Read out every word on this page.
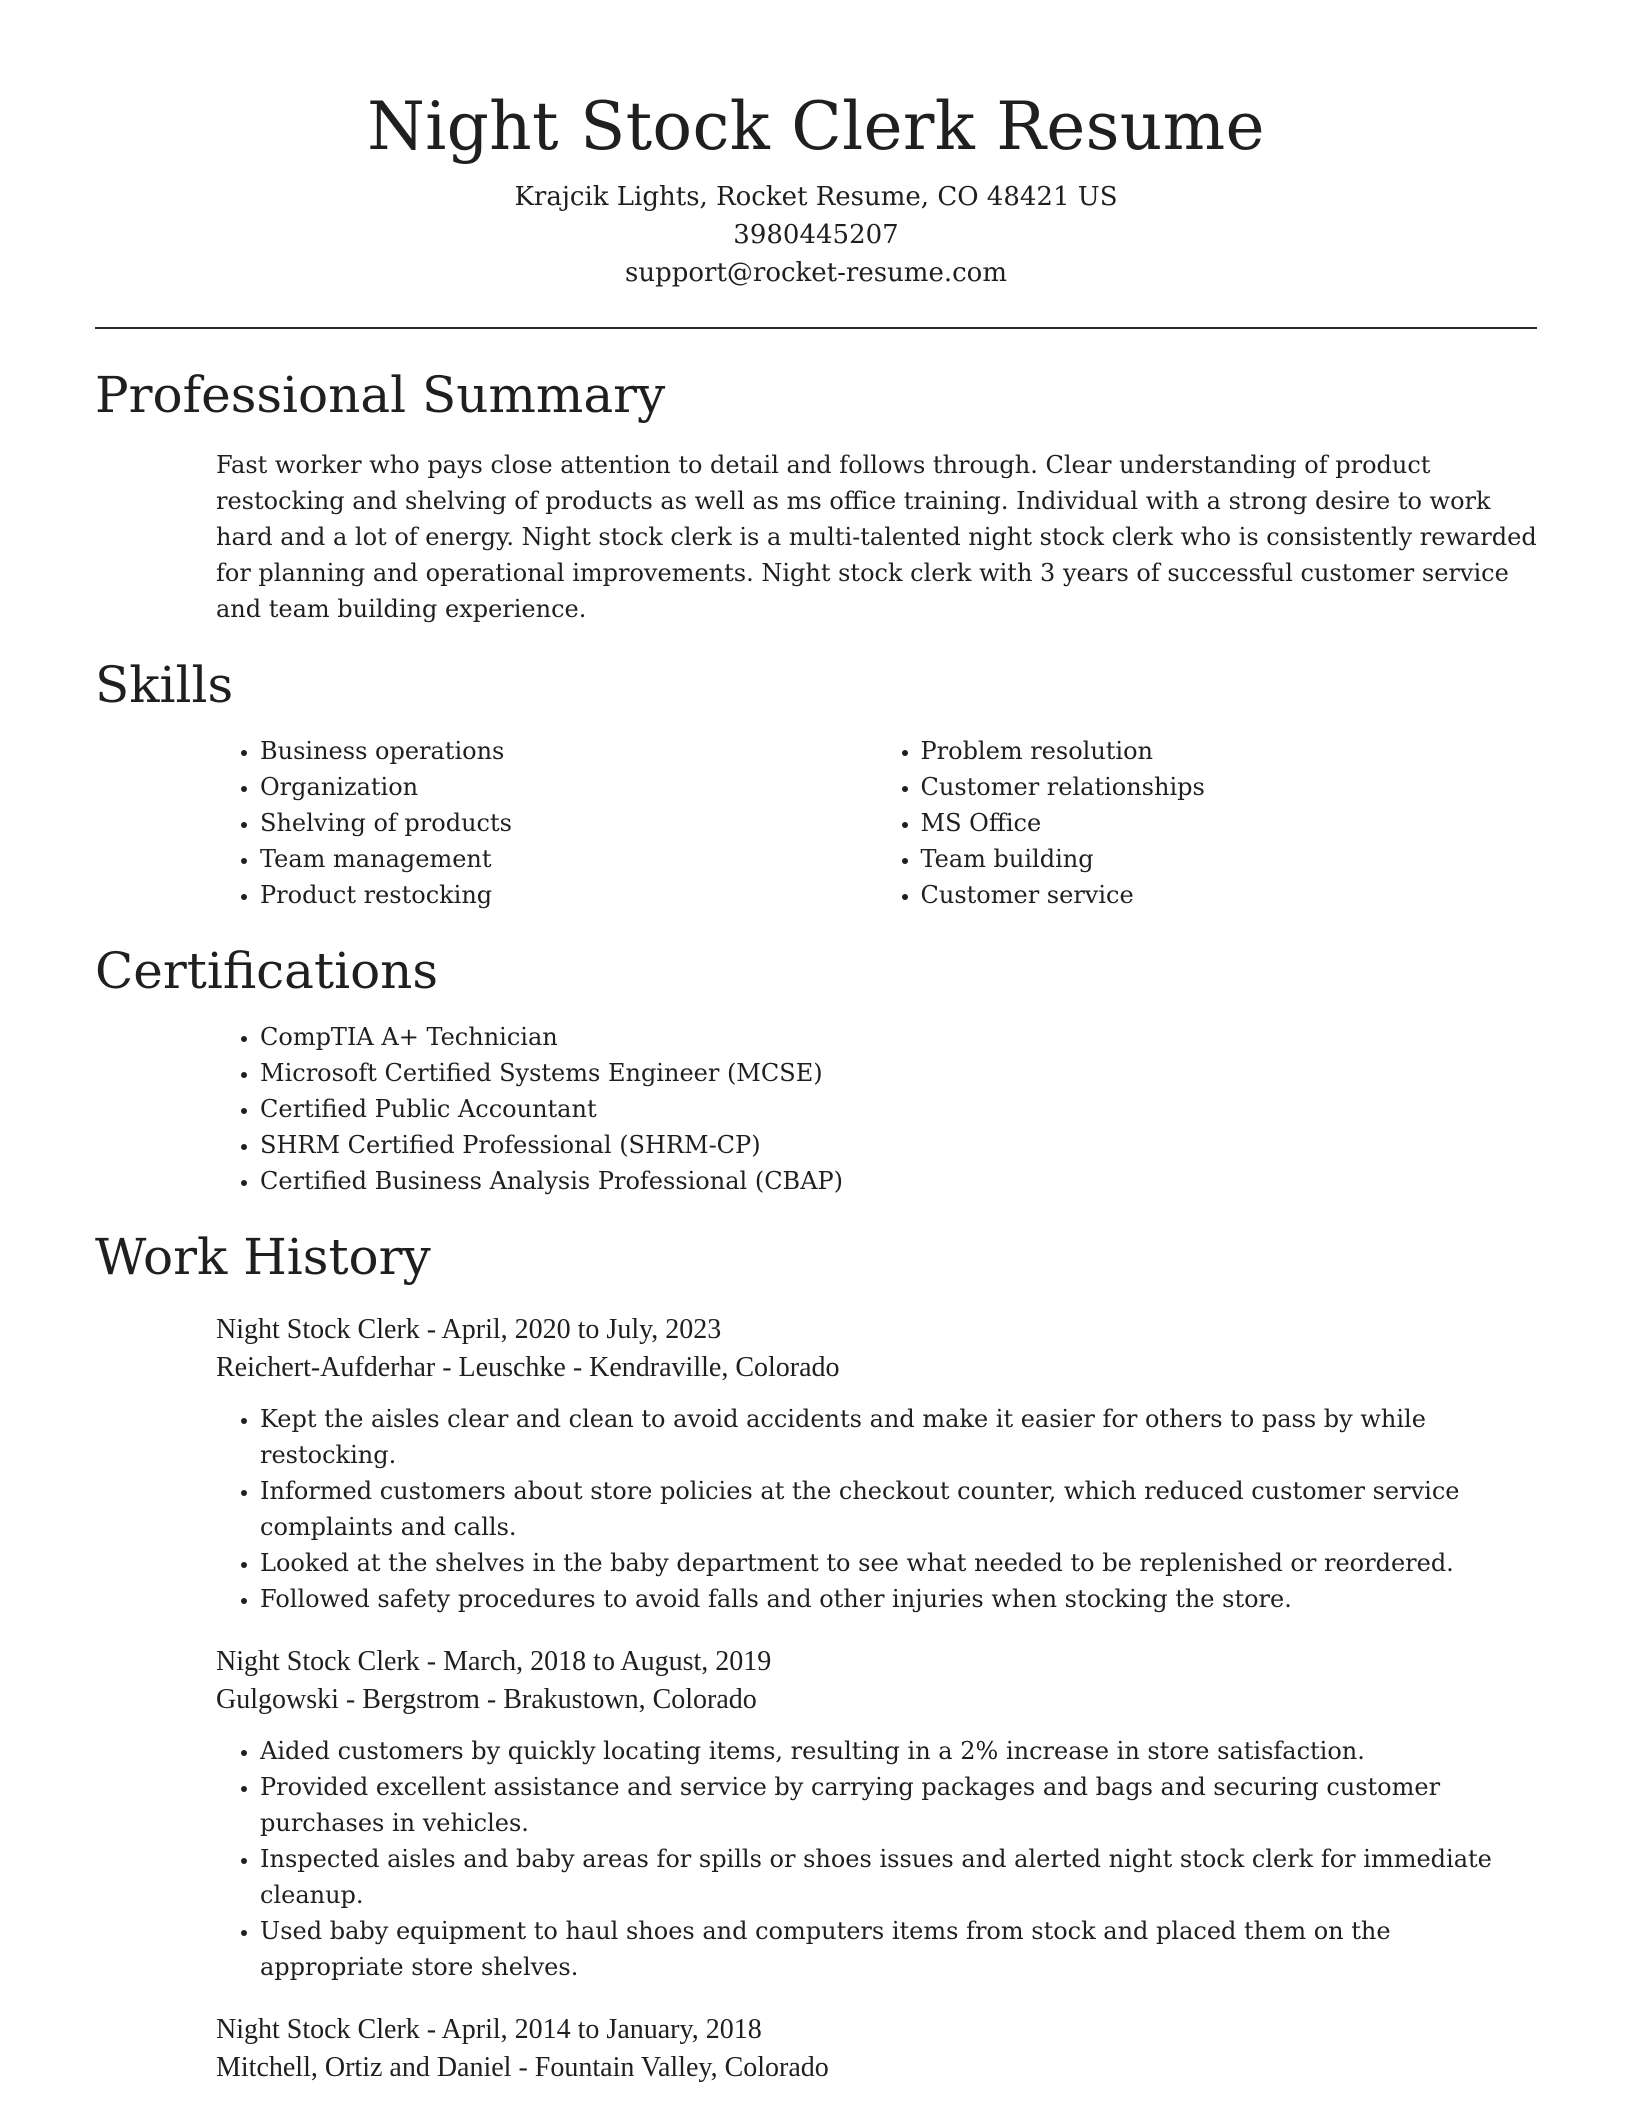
Night Stock Clerk Resume
Krajcik Lights, Rocket Resume, CO 48421 US
3980445207
support@rocket-resume.com
Professional Summary

Fast worker who pays close attention to detail and follows through. Clear understanding of product restocking and shelving of products as well as ms office training. Individual with a strong desire to work hard and a lot of energy. Night stock clerk is a multi-talented night stock clerk who is consistently rewarded for planning and operational improvements. Night stock clerk with 3 years of successful customer service and team building experience.

Skills
• Business operations
• Organization
• Shelving of products
• Team management
• Product restocking
• Problem resolution
• Customer relationships
• MS Office
• Team building
• Customer service
Certifications
• CompTIA A+ Technician
• Microsoft Certified Systems Engineer (MCSE)
• Certified Public Accountant
• SHRM Certified Professional (SHRM-CP)
• Certified Business Analysis Professional (CBAP)
Work History
Night Stock Clerk - April, 2020 to July, 2023
Reichert-Aufderhar - Leuschke - Kendraville, Colorado
• Kept the aisles clear and clean to avoid accidents and make it easier for others to pass by while restocking.
• Informed customers about store policies at the checkout counter, which reduced customer service complaints and calls.
• Looked at the shelves in the baby department to see what needed to be replenished or reordered.
• Followed safety procedures to avoid falls and other injuries when stocking the store.
Night Stock Clerk - March, 2018 to August, 2019
Gulgowski - Bergstrom - Brakustown, Colorado
• Aided customers by quickly locating items, resulting in a 2% increase in store satisfaction.
• Provided excellent assistance and service by carrying packages and bags and securing customer purchases in vehicles.
• Inspected aisles and baby areas for spills or shoes issues and alerted night stock clerk for immediate cleanup.
• Used baby equipment to haul shoes and computers items from stock and placed them on the appropriate store shelves.
Night Stock Clerk - April, 2014 to January, 2018
Mitchell, Ortiz and Daniel - Fountain Valley, Colorado
